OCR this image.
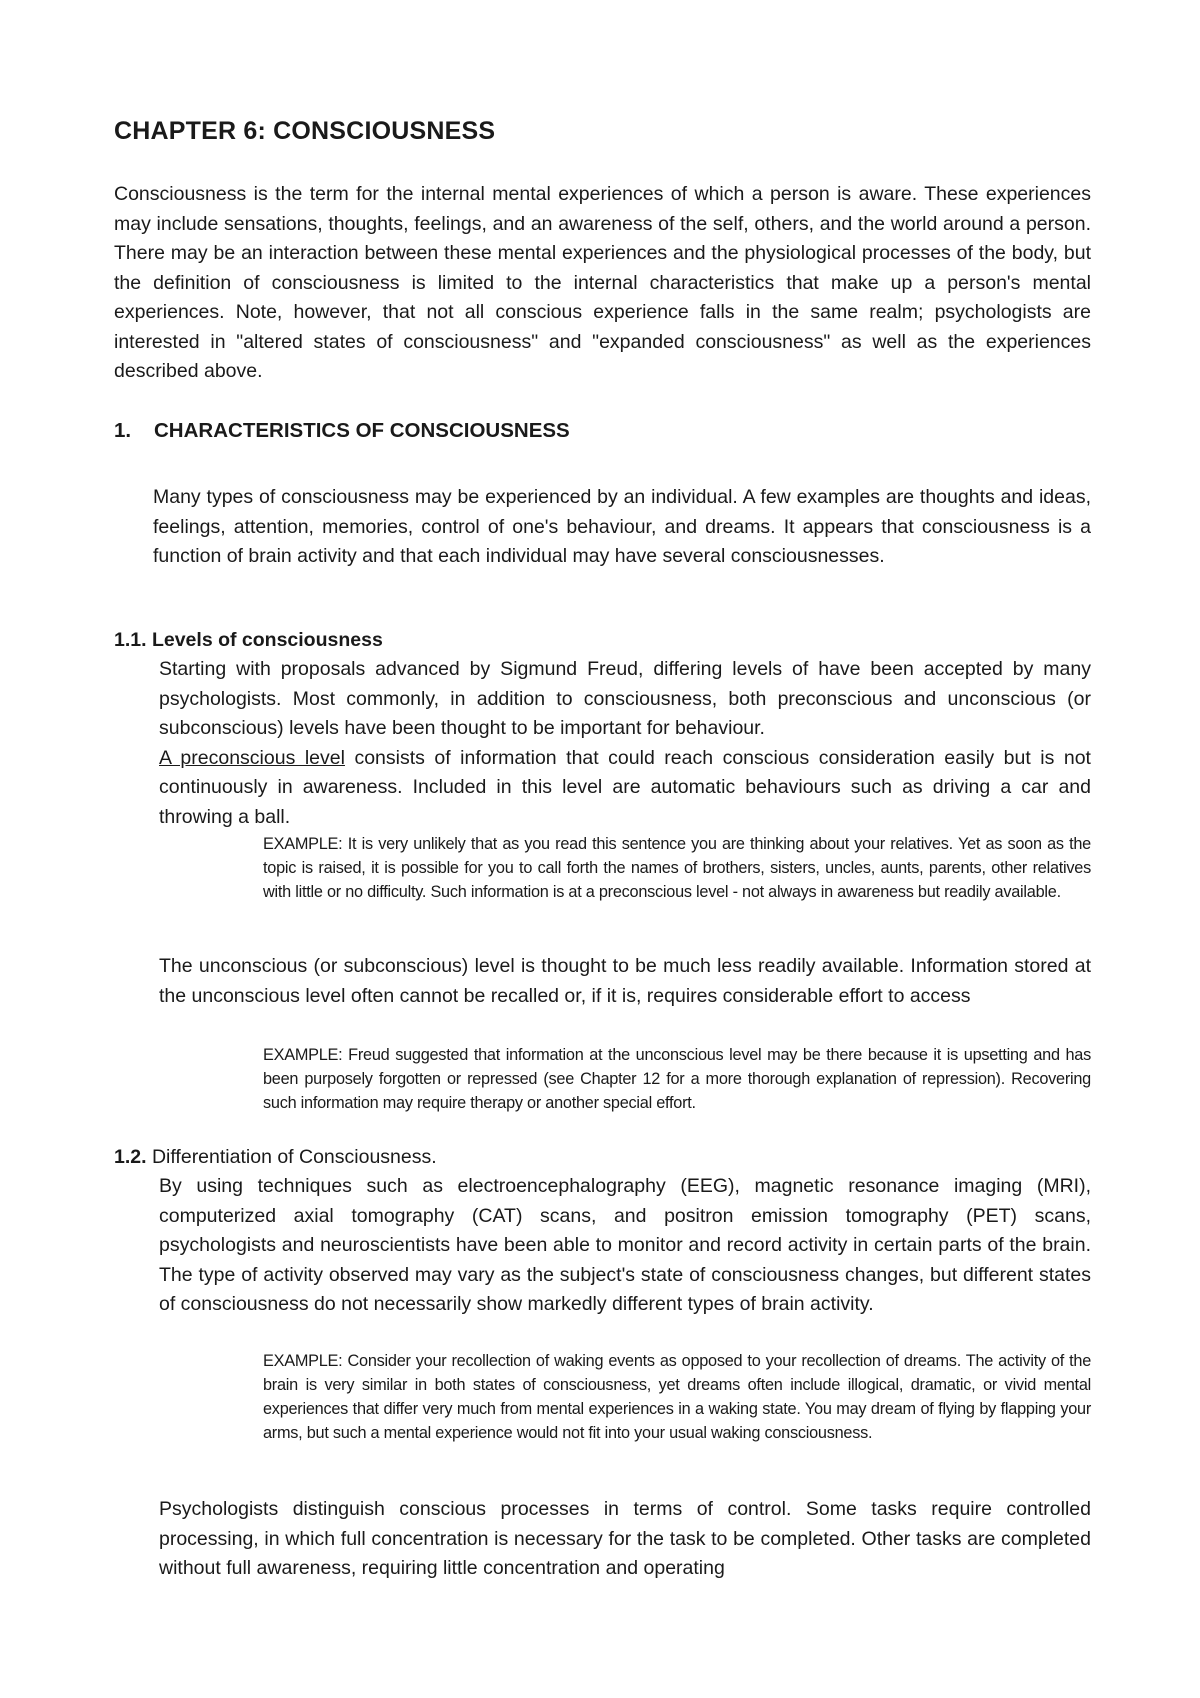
CHAPTER 6: CONSCIOUSNESS

Consciousness is the term for the internal mental experiences of which a person is aware. These experiences may include sensations, thoughts, feelings, and an awareness of the self, others, and the world around a person. There may be an interaction between these mental experiences and the physiological processes of the body, but the definition of consciousness is limited to the internal characteristics that make up a person's mental experiences. Note, however, that not all conscious experience falls in the same realm; psychologists are interested in "altered states of consciousness" and "expanded consciousness" as well as the experiences described above.

1. CHARACTERISTICS OF CONSCIOUSNESS

Many types of consciousness may be experienced by an individual. A few examples are thoughts and ideas, feelings, attention, memories, control of one's behaviour, and dreams. It appears that consciousness is a function of brain activity and that each individual may have several consciousnesses.

1.1. Levels of consciousness

Starting with proposals advanced by Sigmund Freud, differing levels of have been accepted by many psychologists. Most commonly, in addition to consciousness, both preconscious and unconscious (or subconscious) levels have been thought to be important for behaviour.

A preconscious level consists of information that could reach conscious consideration easily but is not continuously in awareness. Included in this level are automatic behaviours such as driving a car and throwing a ball.

EXAMPLE: It is very unlikely that as you read this sentence you are thinking about your relatives. Yet as soon as the topic is raised, it is possible for you to call forth the names of brothers, sisters, uncles, aunts, parents, other relatives with little or no difficulty. Such information is at a preconscious level - not always in awareness but readily available.

The unconscious (or subconscious) level is thought to be much less readily available. Information stored at the unconscious level often cannot be recalled or, if it is, requires considerable effort to access

EXAMPLE: Freud suggested that information at the unconscious level may be there because it is upsetting and has been purposely forgotten or repressed (see Chapter 12 for a more thorough explanation of repression). Recovering such information may require therapy or another special effort.

1.2. Differentiation of Consciousness.

By using techniques such as electroencephalography (EEG), magnetic resonance imaging (MRI), computerized axial tomography (CAT) scans, and positron emission tomography (PET) scans, psychologists and neuroscientists have been able to monitor and record activity in certain parts of the brain. The type of activity observed may vary as the subject's state of consciousness changes, but different states of consciousness do not necessarily show markedly different types of brain activity.

EXAMPLE: Consider your recollection of waking events as opposed to your recollection of dreams. The activity of the brain is very similar in both states of consciousness, yet dreams often include illogical, dramatic, or vivid mental experiences that differ very much from mental experiences in a waking state. You may dream of flying by flapping your arms, but such a mental experience would not fit into your usual waking consciousness.

Psychologists distinguish conscious processes in terms of control. Some tasks require controlled processing, in which full concentration is necessary for the task to be completed. Other tasks are completed without full awareness, requiring little concentration and operating
